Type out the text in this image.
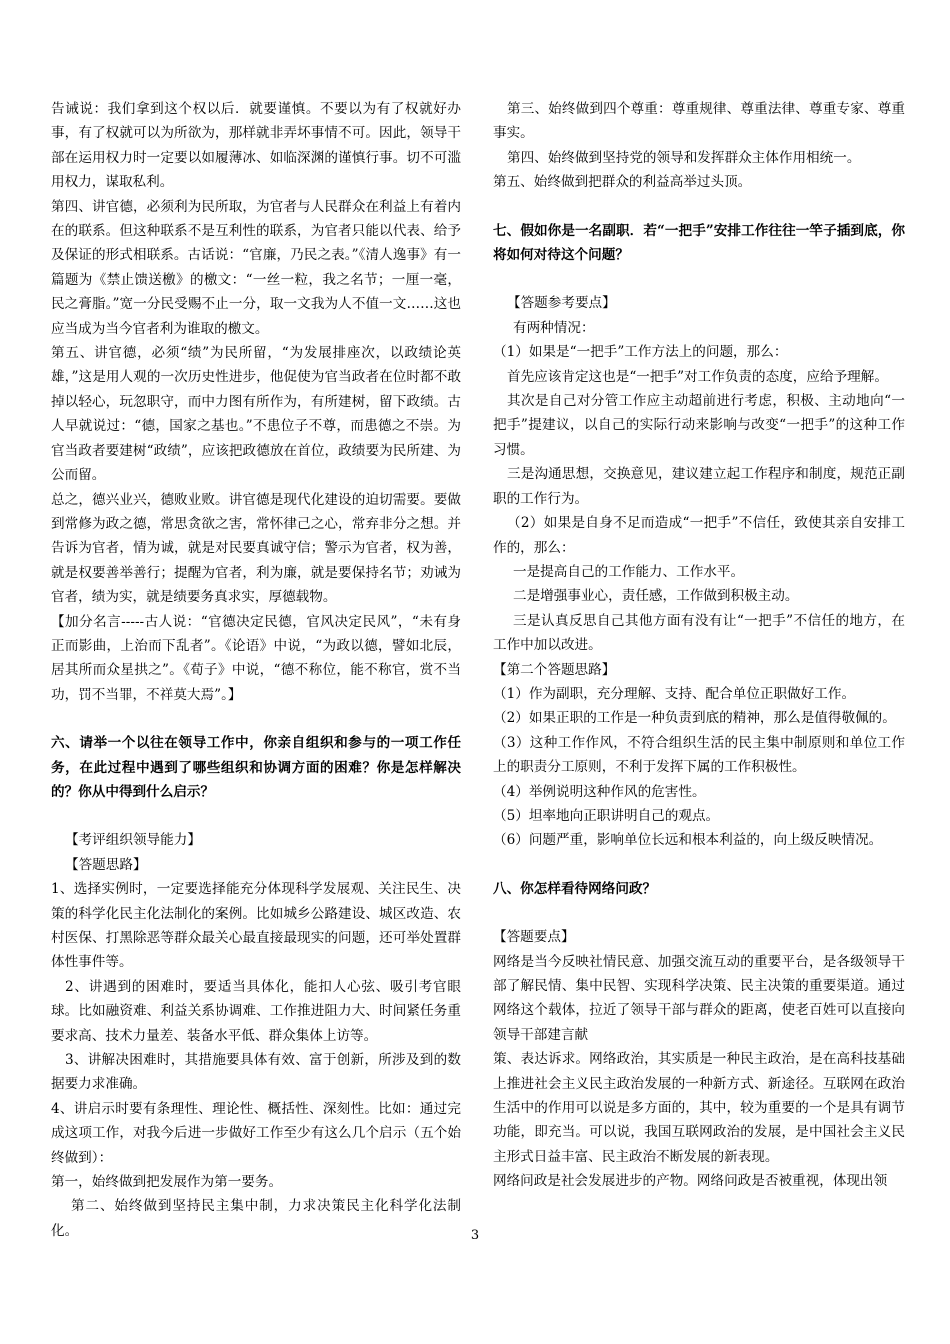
告诫说：我们拿到这个权以后．就要谨慎。不要以为有了权就好办事，有了权就可以为所欲为，那样就非弄坏事情不可。因此，领导干部在运用权力时一定要以如履薄冰、如临深渊的谨慎行事。切不可滥用权力，谋取私利。

第四、讲官德，必须利为民所取，为官者与人民群众在利益上有着内在的联系。但这种联系不是互利性的联系，为官者只能以代表、给予及保证的形式相联系。古话说：“官廉，乃民之表。”《清人逸事》有一篇题为《禁止馈送檄》的檄文：“一丝一粒，我之名节；一厘一毫，民之膏脂。”宽一分民受赐不止一分，取一文我为人不值一文……这也应当成为当今官者利为谁取的檄文。

第五、讲官德，必须“绩”为民所留，“为发展排座次，以政绩论英雄，”这是用人观的一次历史性进步，他促使为官当政者在位时都不敢掉以轻心，玩忽职守，而中力图有所作为，有所建树，留下政绩。古人早就说过：“德，国家之基也。”不患位子不尊，而患德之不崇。为官当政者要建树“政绩”，应该把政德放在首位，政绩要为民所建、为公而留。

总之，德兴业兴，德败业败。讲官德是现代化建设的迫切需要。要做到常修为政之德，常思贪欲之害，常怀律己之心，常弃非分之想。并告诉为官者，情为诚，就是对民要真诚守信；警示为官者，权为善，就是权要善举善行；提醒为官者，利为廉，就是要保持名节；劝诫为官者，绩为实，就是绩要务真求实，厚德载物。

【加分名言-----古人说：“官德决定民德，官风决定民风”，“未有身正而影曲，上治而下乱者”。《论语》中说，“为政以德，譬如北辰，居其所而众星拱之”。《荀子》中说，“德不称位，能不称官，赏不当功，罚不当罪，不祥莫大焉”。】

六、请举一个以往在领导工作中，你亲自组织和参与的一项工作任务，在此过程中遇到了哪些组织和协调方面的困难？你是怎样解决的？你从中得到什么启示？

【考评组织领导能力】

【答题思路】

1、选择实例时，一定要选择能充分体现科学发展观、关注民生、决策的科学化民主化法制化的案例。比如城乡公路建设、城区改造、农村医保、打黑除恶等群众最关心最直接最现实的问题，还可举处置群体性事件等。

2、讲遇到的困难时，要适当具体化，能扣人心弦、吸引考官眼球。比如融资难、利益关系协调难、工作推进阻力大、时间紧任务重要求高、技术力量差、装备水平低、群众集体上访等。

3、讲解决困难时，其措施要具体有效、富于创新，所涉及到的数据要力求准确。

4、讲启示时要有条理性、理论性、概括性、深刻性。比如：通过完成这项工作，对我今后进一步做好工作至少有这么几个启示（五个始终做到）：

第一，始终做到把发展作为第一要务。

第二、始终做到坚持民主集中制，力求决策民主化科学化法制化。

第三、始终做到四个尊重：尊重规律、尊重法律、尊重专家、尊重事实。

第四、始终做到坚持党的领导和发挥群众主体作用相统一。

第五、始终做到把群众的利益高举过头顶。

七、假如你是一名副职．若“一把手”安排工作往往一竿子插到底，你将如何对待这个问题？

【答题参考要点】

有两种情况：

（1）如果是“一把手”工作方法上的问题，那么：

首先应该肯定这也是“一把手”对工作负责的态度，应给予理解。

其次是自己对分管工作应主动超前进行考虑，积极、主动地向“一把手”提建议，以自己的实际行动来影响与改变“一把手”的这种工作习惯。

三是沟通思想，交换意见，建议建立起工作程序和制度，规范正副职的工作行为。

（2）如果是自身不足而造成“一把手”不信任，致使其亲自安排工作的，那么：

一是提高自己的工作能力、工作水平。

二是增强事业心，责任感，工作做到积极主动。

三是认真反思自己其他方面有没有让“一把手”不信任的地方，在工作中加以改进。

【第二个答题思路】

（1）作为副职，充分理解、支持、配合单位正职做好工作。

（2）如果正职的工作是一种负责到底的精神，那么是值得敬佩的。

（3）这种工作作风，不符合组织生活的民主集中制原则和单位工作上的职责分工原则，不利于发挥下属的工作积极性。

（4）举例说明这种作风的危害性。

（5）坦率地向正职讲明自己的观点。

（6）问题严重，影响单位长远和根本利益的，向上级反映情况。

八、你怎样看待网络问政？

【答题要点】

网络是当今反映社情民意、加强交流互动的重要平台，是各级领导干部了解民情、集中民智、实现科学决策、民主决策的重要渠道。通过网络这个载体，拉近了领导干部与群众的距离，使老百姓可以直接向领导干部建言献

策、表达诉求。网络政治，其实质是一种民主政治，是在高科技基础上推进社会主义民主政治发展的一种新方式、新途径。互联网在政治生活中的作用可以说是多方面的，其中，较为重要的一个是具有调节功能，即充当。可以说，我国互联网政治的发展，是中国社会主义民主形式日益丰富、民主政治不断发展的新表现。

网络问政是社会发展进步的产物。网络问政是否被重视，体现出领

3
